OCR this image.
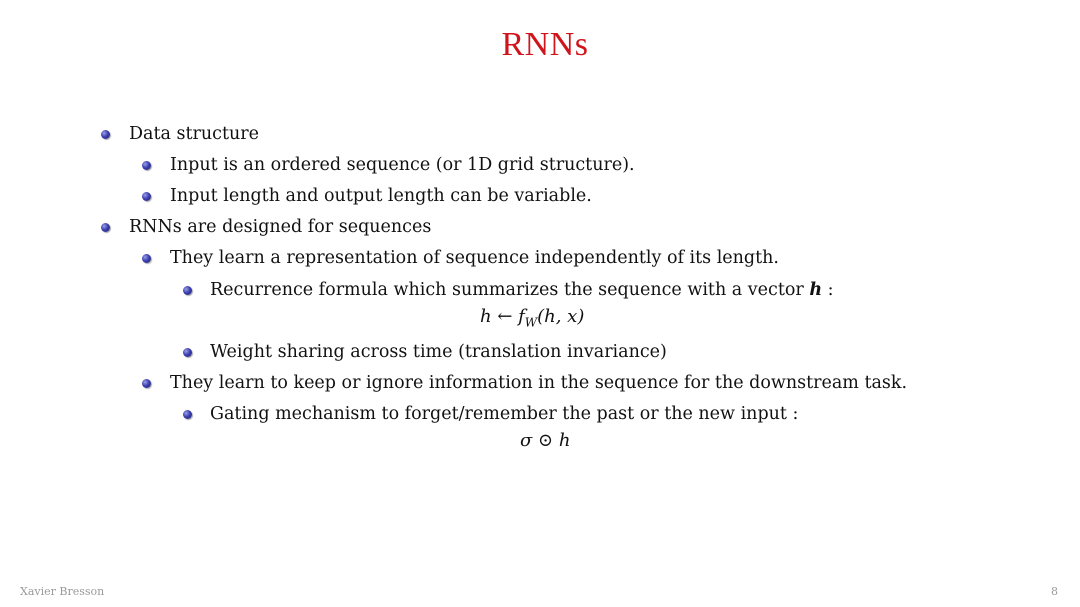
RNNs
Data structure
Input is an ordered sequence (or 1D grid structure).
Input length and output length can be variable.
RNNs are designed for sequences
They learn a representation of sequence independently of its length.
Recurrence formula which summarizes the sequence with a vector h :
h ← $f_W(h$, x)
Weight sharing across time (translation invariance)
They learn to keep or ignore information in the sequence for the downstream task.
Gating mechanism to forget/remember the past or the new input :
σ ⊙ h
Xavier Bresson	8
